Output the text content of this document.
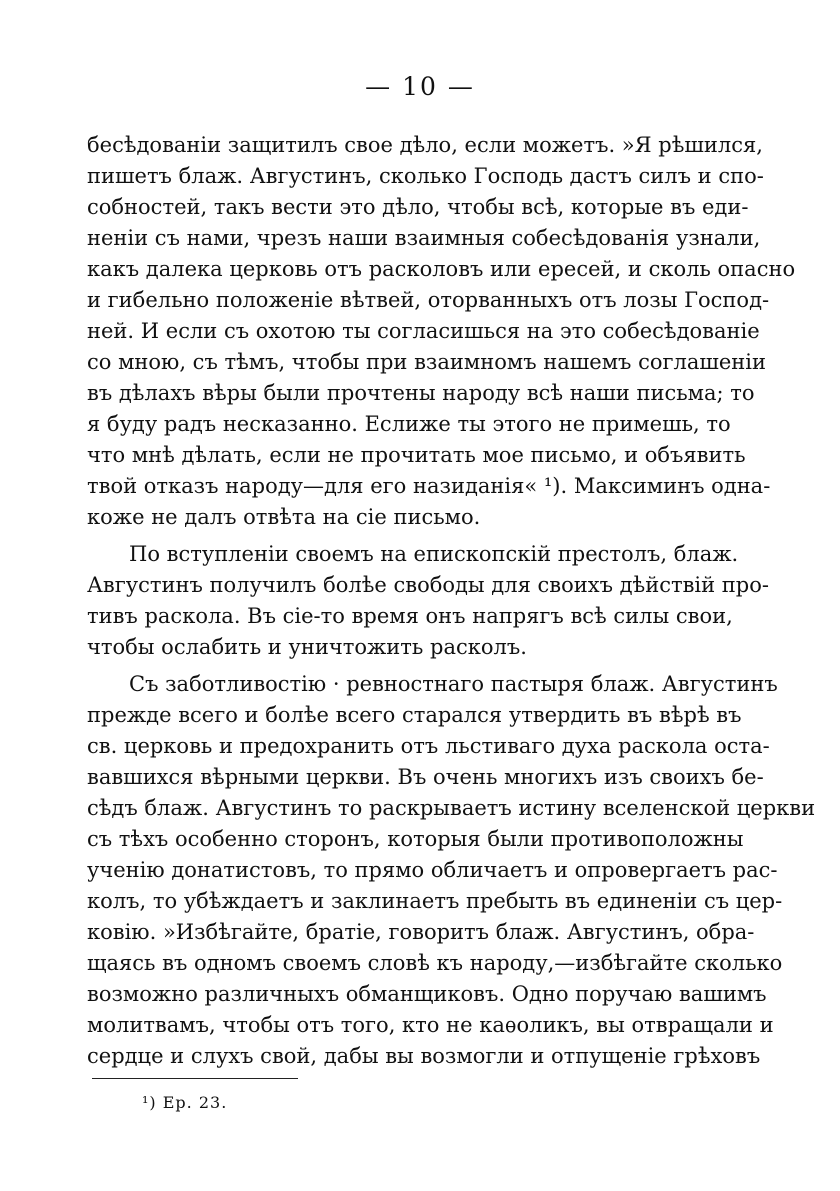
— 10 —
бесѣдованіи защитилъ свое дѣло, если можетъ. »Я рѣшился,
пишетъ блаж. Августинъ, сколько Господь дастъ силъ и спо-
собностей, такъ вести это дѣло, чтобы всѣ, которые въ еди-
неніи съ нами, чрезъ наши взаимныя собесѣдованія узнали,
какъ далека церковь отъ расколовъ или ересей, и сколь опасно
и гибельно положеніе вѣтвей, оторванныхъ отъ лозы Господ-
ней. И если съ охотою ты согласишься на это собесѣдованіе
со мною, съ тѣмъ, чтобы при взаимномъ нашемъ соглашеніи
въ дѣлахъ вѣры были прочтены народу всѣ наши письма; то
я буду радъ несказанно. Еслиже ты этого не примешь, то
что мнѣ дѣлать, если не прочитать мое письмо, и объявить
твой отказъ народу—для его назиданія« ¹). Максиминъ однa-
коже не далъ отвѣта на сіе письмо.
По вступленіи своемъ на епископскій престолъ, блаж.
Августинъ получилъ болѣе свободы для своихъ дѣйствій про-
тивъ раскола. Въ сіе-то время онъ напрягъ всѣ силы свои,
чтобы ослабить и уничтожить расколъ.
Съ заботливостію · ревностнаго пастыря блаж. Августинъ
прежде всего и болѣе всего старался утвердить въ вѣрѣ въ
св. церковь и предохранить отъ льстиваго духа раскола оста-
вавшихся вѣрными церкви. Въ очень многихъ изъ своихъ бе-
сѣдъ блаж. Августинъ то раскрываетъ истину вселенской церкви
съ тѣхъ особенно сторонъ, которыя были противоположны
ученію донатистовъ, то прямо обличаетъ и опровергаетъ рас-
колъ, то убѣждаетъ и заклинаетъ пребыть въ единеніи съ цер-
ковію. »Избѣгайте, братіе, говоритъ блаж. Августинъ, обра-
щаясь въ одномъ своемъ словѣ къ народу,—избѣгайте сколько
возможно различныхъ обманщиковъ. Одно поручаю вашимъ
молитвамъ, чтобы отъ того, кто не каѳоликъ, вы отвращали и
сердце и слухъ свой, дабы вы возмогли и отпущеніе грѣховъ
¹) Ep. 23.
